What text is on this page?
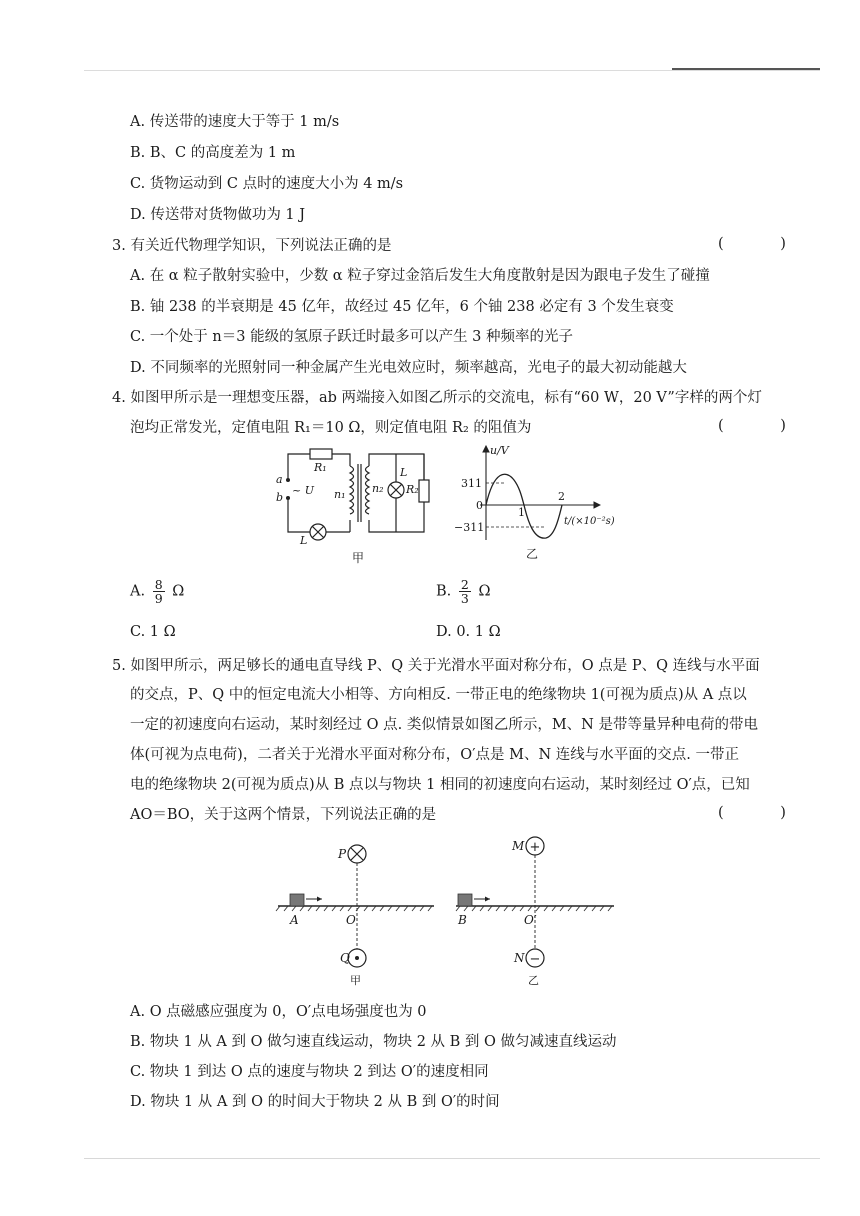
A. 传送带的速度大于等于 1 m/s
B. B、C 的高度差为 1 m
C. 货物运动到 C 点时的速度大小为 4 m/s
D. 传送带对货物做功为 1 J
3. 有关近代物理学知识，下列说法正确的是	( )
A. 在 α 粒子散射实验中，少数 α 粒子穿过金箔后发生大角度散射是因为跟电子发生了碰撞
B. 铀 238 的半衰期是 45 亿年，故经过 45 亿年，6 个铀 238 必定有 3 个发生衰变
C. 一个处于 n＝3 能级的氢原子跃迁时最多可以产生 3 种频率的光子
D. 不同频率的光照射同一种金属产生光电效应时，频率越高，光电子的最大初动能越大
4. 如图甲所示是一理想变压器，ab 两端接入如图乙所示的交流电，标有“60 W，20 V”字样的两个灯
泡均正常发光，定值电阻 R₁＝10 Ω，则定值电阻 R₂ 的阻值为	( )
R₁
a
b
~ U n₁ n₂
L
R₂
L
甲
u/V
311
0
−311
1
2
t/(×10⁻²s)
乙
A. $\frac{8}{9}$ Ω	B. $\frac{2}{3}$ Ω
C. 1 Ω	D. 0. 1 Ω
5. 如图甲所示，两足够长的通电直导线 P、Q 关于光滑水平面对称分布，O 点是 P、Q 连线与水平面
的交点，P、Q 中的恒定电流大小相等、方向相反. 一带正电的绝缘物块 1(可视为质点)从 A 点以
一定的初速度向右运动，某时刻经过 O 点. 类似情景如图乙所示，M、N 是带等量异种电荷的带电
体(可视为点电荷)，二者关于光滑水平面对称分布，O′点是 M、N 连线与水平面的交点. 一带正
电的绝缘物块 2(可视为质点)从 B 点以与物块 1 相同的初速度向右运动，某时刻经过 O′点，已知
AO＝BO，关于这两个情景，下列说法正确的是	( )
P
Q
A	O
甲
+
−
M
N
B	O′
乙
A. O 点磁感应强度为 0，O′点电场强度也为 0
B. 物块 1 从 A 到 O 做匀速直线运动，物块 2 从 B 到 O 做匀减速直线运动
C. 物块 1 到达 O 点的速度与物块 2 到达 O′的速度相同
D. 物块 1 从 A 到 O 的时间大于物块 2 从 B 到 O′的时间
